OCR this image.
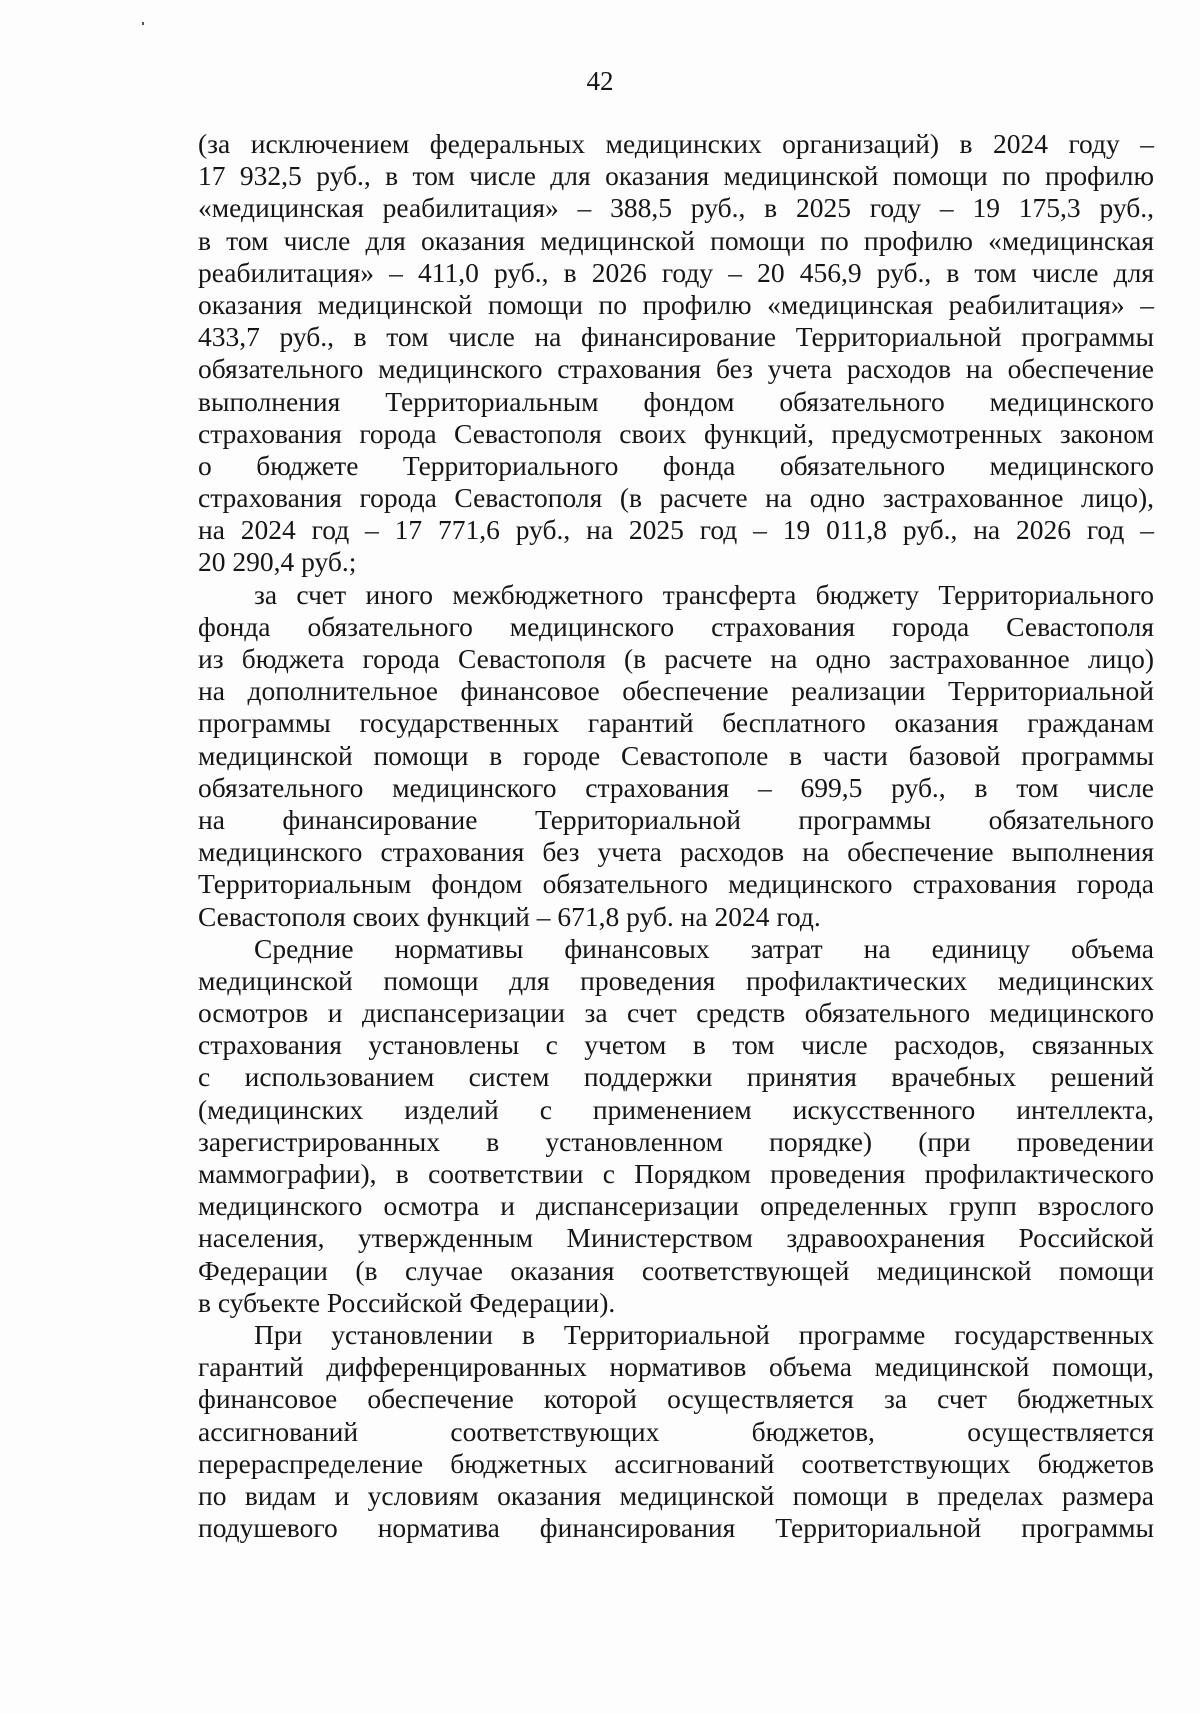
42
(за исключением федеральных медицинских организаций) в 2024 году –
17 932,5 руб., в том числе для оказания медицинской помощи по профилю
«медицинская реабилитация» – 388,5 руб., в 2025 году – 19 175,3 руб.,
в том числе для оказания медицинской помощи по профилю «медицинская
реабилитация» – 411,0 руб., в 2026 году – 20 456,9 руб., в том числе для
оказания медицинской помощи по профилю «медицинская реабилитация» –
433,7 руб., в том числе на финансирование Территориальной программы
обязательного медицинского страхования без учета расходов на обеспечение
выполнения Территориальным фондом обязательного медицинского
страхования города Севастополя своих функций, предусмотренных законом
о бюджете Территориального фонда обязательного медицинского
страхования города Севастополя (в расчете на одно застрахованное лицо),
на 2024 год – 17 771,6 руб., на 2025 год – 19 011,8 руб., на 2026 год –
20 290,4 руб.;
за счет иного межбюджетного трансферта бюджету Территориального
фонда обязательного медицинского страхования города Севастополя
из бюджета города Севастополя (в расчете на одно застрахованное лицо)
на дополнительное финансовое обеспечение реализации Территориальной
программы государственных гарантий бесплатного оказания гражданам
медицинской помощи в городе Севастополе в части базовой программы
обязательного медицинского страхования – 699,5 руб., в том числе
на финансирование Территориальной программы обязательного
медицинского страхования без учета расходов на обеспечение выполнения
Территориальным фондом обязательного медицинского страхования города
Севастополя своих функций – 671,8 руб. на 2024 год.
Средние нормативы финансовых затрат на единицу объема
медицинской помощи для проведения профилактических медицинских
осмотров и диспансеризации за счет средств обязательного медицинского
страхования установлены с учетом в том числе расходов, связанных
с использованием систем поддержки принятия врачебных решений
(медицинских изделий с применением искусственного интеллекта,
зарегистрированных в установленном порядке) (при проведении
маммографии), в соответствии с Порядком проведения профилактического
медицинского осмотра и диспансеризации определенных групп взрослого
населения, утвержденным Министерством здравоохранения Российской
Федерации (в случае оказания соответствующей медицинской помощи
в субъекте Российской Федерации).
При установлении в Территориальной программе государственных
гарантий дифференцированных нормативов объема медицинской помощи,
финансовое обеспечение которой осуществляется за счет бюджетных
ассигнований соответствующих бюджетов, осуществляется
перераспределение бюджетных ассигнований соответствующих бюджетов
по видам и условиям оказания медицинской помощи в пределах размера
подушевого норматива финансирования Территориальной программы
